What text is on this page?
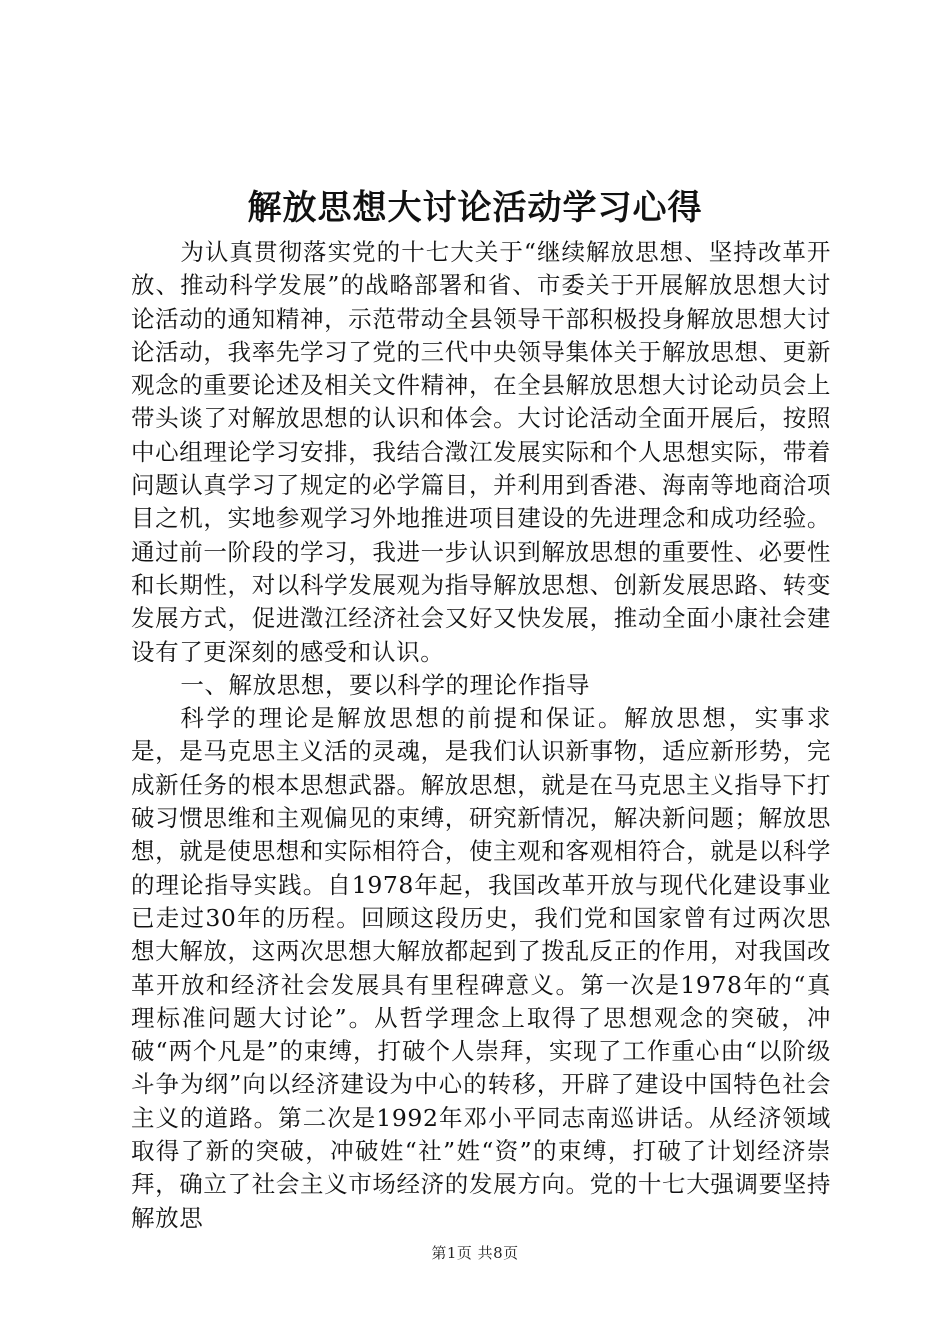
解放思想大讨论活动学习心得

为认真贯彻落实党的十七大关于“继续解放思想、坚持改革开放、推动科学发展”的战略部署和省、市委关于开展解放思想大讨论活动的通知精神，示范带动全县领导干部积极投身解放思想大讨论活动，我率先学习了党的三代中央领导集体关于解放思想、更新观念的重要论述及相关文件精神，在全县解放思想大讨论动员会上带头谈了对解放思想的认识和体会。大讨论活动全面开展后，按照中心组理论学习安排，我结合澂江发展实际和个人思想实际，带着问题认真学习了规定的必学篇目，并利用到香港、海南等地商洽项目之机，实地参观学习外地推进项目建设的先进理念和成功经验。通过前一阶段的学习，我进一步认识到解放思想的重要性、必要性和长期性，对以科学发展观为指导解放思想、创新发展思路、转变发展方式，促进澂江经济社会又好又快发展，推动全面小康社会建设有了更深刻的感受和认识。

一、解放思想，要以科学的理论作指导

科学的理论是解放思想的前提和保证。解放思想，实事求是，是马克思主义活的灵魂，是我们认识新事物，适应新形势，完成新任务的根本思想武器。解放思想，就是在马克思主义指导下打破习惯思维和主观偏见的束缚，研究新情况，解决新问题；解放思想，就是使思想和实际相符合，使主观和客观相符合，就是以科学的理论指导实践。自1978年起，我国改革开放与现代化建设事业已走过30年的历程。回顾这段历史，我们党和国家曾有过两次思想大解放，这两次思想大解放都起到了拨乱反正的作用，对我国改革开放和经济社会发展具有里程碑意义。第一次是1978年的“真理标准问题大讨论”。从哲学理念上取得了思想观念的突破，冲破“两个凡是”的束缚，打破个人崇拜，实现了工作重心由“以阶级斗争为纲”向以经济建设为中心的转移，开辟了建设中国特色社会主义的道路。第二次是1992年邓小平同志南巡讲话。从经济领域取得了新的突破，冲破姓“社”姓“资”的束缚，打破了计划经济崇拜，确立了社会主义市场经济的发展方向。党的十七大强调要坚持解放思

第1页 共8页
